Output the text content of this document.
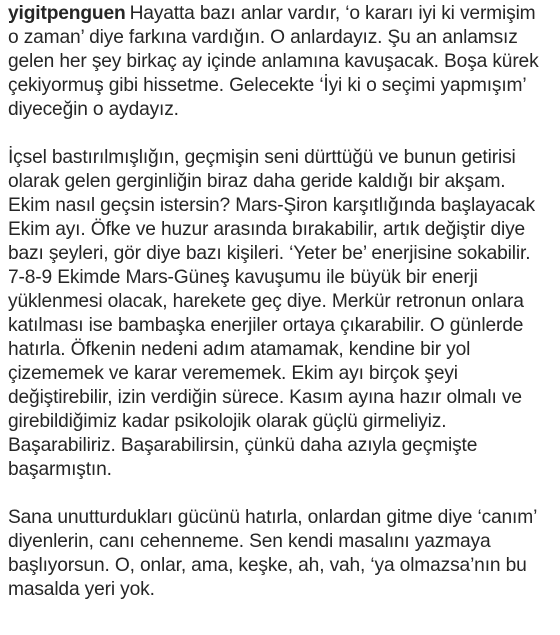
yigitpenguen Hayatta bazı anlar vardır, ‘o kararı iyi ki vermişim
o zaman’ diye farkına vardığın. O anlardayız. Şu an anlamsız
gelen her şey birkaç ay içinde anlamına kavuşacak. Boşa kürek
çekiyormuş gibi hissetme. Gelecekte ‘İyi ki o seçimi yapmışım’
diyeceğin o aydayız.
İçsel bastırılmışlığın, geçmişin seni dürttüğü ve bunun getirisi
olarak gelen gerginliğin biraz daha geride kaldığı bir akşam.
Ekim nasıl geçsin istersin? Mars-Şiron karşıtlığında başlayacak
Ekim ayı. Öfke ve huzur arasında bırakabilir, artık değiştir diye
bazı şeyleri, gör diye bazı kişileri. ‘Yeter be’ enerjisine sokabilir.
7-8-9 Ekimde Mars-Güneş kavuşumu ile büyük bir enerji
yüklenmesi olacak, harekete geç diye. Merkür retronun onlara
katılması ise bambaşka enerjiler ortaya çıkarabilir. O günlerde
hatırla. Öfkenin nedeni adım atamamak, kendine bir yol
çizememek ve karar verememek. Ekim ayı birçok şeyi
değiştirebilir, izin verdiğin sürece. Kasım ayına hazır olmalı ve
girebildiğimiz kadar psikolojik olarak güçlü girmeliyiz.
Başarabiliriz. Başarabilirsin, çünkü daha azıyla geçmişte
başarmıştın.
Sana unutturdukları gücünü hatırla, onlardan gitme diye ‘canım’
diyenlerin, canı cehenneme. Sen kendi masalını yazmaya
başlıyorsun. O, onlar, ama, keşke, ah, vah, ‘ya olmazsa’nın bu
masalda yeri yok.
